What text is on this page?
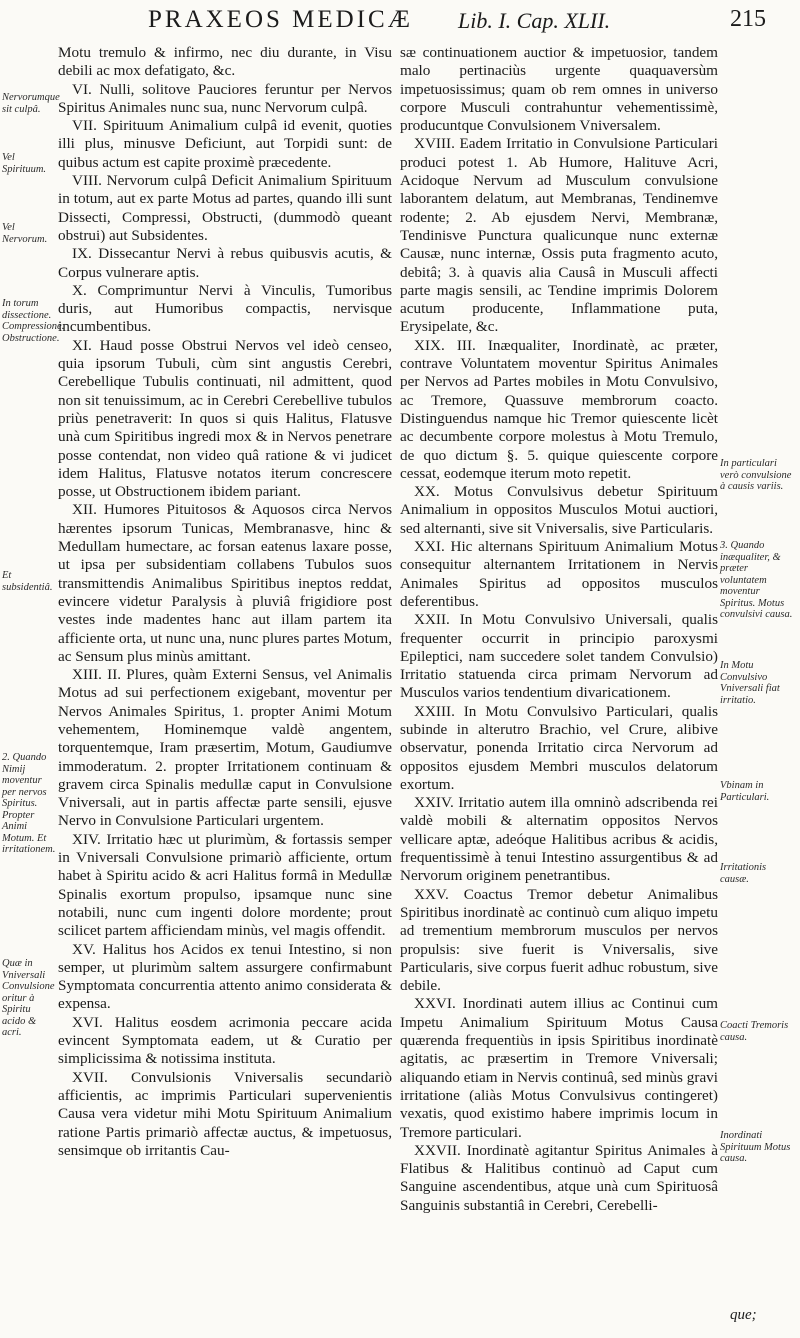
PRAXEOS MEDICÆ Lib. I. Cap. XLII.	215

Motu tremulo & infirmo, nec diu durante, in Visu debili ac mox defatigato, &c.

VI. Nulli, solitove Pauciores feruntur per Nervos Spiritus Animales nunc sua, nunc Nervorum culpâ.

VII. Spirituum Animalium culpâ id evenit, quoties illi plus, minusve Deficiunt, aut Torpidi sunt: de quibus actum est capite proximè præcedente.

VIII. Nervorum culpâ Deficit Animalium Spirituum in totum, aut ex parte Motus ad partes, quando illi sunt Dissecti, Compressi, Obstructi, (dummodò queant obstrui) aut Subsidentes.

IX. Dissecantur Nervi à rebus quibusvis acutis, & Corpus vulnerare aptis.

X. Comprimuntur Nervi à Vinculis, Tumoribus duris, aut Humoribus compactis, nervisque incumbentibus.

XI. Haud posse Obstrui Nervos vel ideò censeo, quia ipsorum Tubuli, cùm sint angustis Cerebri, Cerebellique Tubulis continuati, nil admittent, quod non sit tenuissimum, ac in Cerebri Cerebellive tubulos priùs penetraverit: In quos si quis Halitus, Flatusve unà cum Spiritibus ingredi mox & in Nervos penetrare posse contendat, non video quâ ratione & vi judicet idem Halitus, Flatusve notatos iterum concrescere posse, ut Obstructionem ibidem pariant.

XII. Humores Pituitosos & Aquosos circa Nervos hærentes ipsorum Tunicas, Membranasve, hinc & Medullam humectare, ac forsan eatenus laxare posse, ut ipsa per subsidentiam collabens Tubulos suos transmittendis Animalibus Spiritibus ineptos reddat, evincere videtur Paralysis à pluviâ frigidiore post vestes inde madentes hanc aut illam partem ita afficiente orta, ut nunc una, nunc plures partes Motum, ac Sensum plus minùs amittant.

XIII. II. Plures, quàm Externi Sensus, vel Animalis Motus ad sui perfectionem exigebant, moventur per Nervos Animales Spiritus, 1. propter Animi Motum vehementem, Hominemque valdè angentem, torquentemque, Iram præsertim, Motum, Gaudiumve immoderatum. 2. propter Irritationem continuam & gravem circa Spinalis medullæ caput in Convulsione Vniversali, aut in partis affectæ parte sensili, ejusve Nervo in Convulsione Particulari urgentem.

XIV. Irritatio hæc ut plurimùm, & fortassis semper in Vniversali Convulsione primariò afficiente, ortum habet à Spiritu acido & acri Halitus formâ in Medullæ Spinalis exortum propulso, ipsamque nunc sine notabili, nunc cum ingenti dolore mordente; prout scilicet partem afficiendam minùs, vel magis offendit.

XV. Halitus hos Acidos ex tenui Intestino, si non semper, ut plurimùm saltem assurgere confirmabunt Symptomata concurrentia attento animo considerata & expensa.

XVI. Halitus eosdem acrimonia peccare acida evincent Symptomata eadem, ut & Curatio per simplicissima & notissima instituta.

XVII. Convulsionis Vniversalis secundariò afficientis, ac imprimis Particulari supervenientis Causa vera videtur mihi Motu Spirituum Animalium ratione Partis primariò affectæ auctus, & impetuosus, sensimque ob irritantis Cau-

sæ continuationem auctior & impetuosior, tandem malo pertinaciùs urgente quaquaversùm impetuosissimus; quam ob rem omnes in universo corpore Musculi contrahuntur vehementissimè, producuntque Convulsionem Vniversalem.

XVIII. Eadem Irritatio in Convulsione Particulari produci potest 1. Ab Humore, Halituve Acri, Acidoque Nervum ad Musculum convulsione laborantem delatum, aut Membranas, Tendinemve rodente; 2. Ab ejusdem Nervi, Membranæ, Tendinisve Punctura qualicunque nunc externæ Causæ, nunc internæ, Ossis puta fragmento acuto, debitâ; 3. à quavis alia Causâ in Musculi affecti parte magis sensili, ac Tendine imprimis Dolorem acutum producente, Inflammatione puta, Erysipelate, &c.

XIX. III. Inæqualiter, Inordinatè, ac præter, contrave Voluntatem moventur Spiritus Animales per Nervos ad Partes mobiles in Motu Convulsivo, ac Tremore, Quassuve membrorum coacto. Distinguendus namque hic Tremor quiescente licèt ac decumbente corpore molestus à Motu Tremulo, de quo dictum §. 5. quique quiescente corpore cessat, eodemque iterum moto repetit.

XX. Motus Convulsivus debetur Spirituum Animalium in oppositos Musculos Motui auctiori, sed alternanti, sive sit Vniversalis, sive Particularis.

XXI. Hic alternans Spirituum Animalium Motus consequitur alternantem Irritationem in Nervis Animales Spiritus ad oppositos musculos deferentibus.

XXII. In Motu Convulsivo Universali, qualis frequenter occurrit in principio paroxysmi Epileptici, nam succedere solet tandem Convulsio) Irritatio statuenda circa primam Nervorum ad Musculos varios tendentium divaricationem.

XXIII. In Motu Convulsivo Particulari, qualis subinde in alterutro Brachio, vel Crure, alibive observatur, ponenda Irritatio circa Nervorum ad oppositos ejusdem Membri musculos delatorum exortum.

XXIV. Irritatio autem illa omninò adscribenda rei valdè mobili & alternatim oppositos Nervos vellicare aptæ, adeóque Halitibus acribus & acidis, frequentissimè à tenui Intestino assurgentibus & ad Nervorum originem penetrantibus.

XXV. Coactus Tremor debetur Animalibus Spiritibus inordinatè ac continuò cum aliquo impetu ad trementium membrorum musculos per nervos propulsis: sive fuerit is Vniversalis, sive Particularis, sive corpus fuerit adhuc robustum, sive debile.

XXVI. Inordinati autem illius ac Continui cum Impetu Animalium Spirituum Motus Causa quærenda frequentiùs in ipsis Spiritibus inordinatè agitatis, ac præsertim in Tremore Vniversali; aliquando etiam in Nervis continuâ, sed minùs gravi irritatione (aliàs Motus Convulsivus contingeret) vexatis, quod existimo habere imprimis locum in Tremore particulari.

XXVII. Inordinatè agitantur Spiritus Animales à Flatibus & Halitibus continuò ad Caput cum Sanguine ascendentibus, atque unà cum Spirituosâ Sanguinis substantiâ in Cerebri, Cerebelli-

Nervorumque sit culpâ.
Vel Spirituum.
Vel Nervorum.
In torum dissectione. Compressione. Obstructione.
Et subsidentiâ.
2. Quando Nimij moventur per nervos Spiritus. Propter Animi Motum. Et irritationem.
Quæ in Vniversali Convulsione oritur à Spiritu acido & acri.
In particulari verò convulsione à causis variis.
3. Quando inæqualiter, & præter voluntatem moventur Spiritus. Motus convulsivi causa.
In Motu Convulsivo Vniversali fiat irritatio.
Vbinam in Particulari.
Irritationis causæ.
Coacti Tremoris causa.
Inordinati Spirituum Motus causa.
que;
